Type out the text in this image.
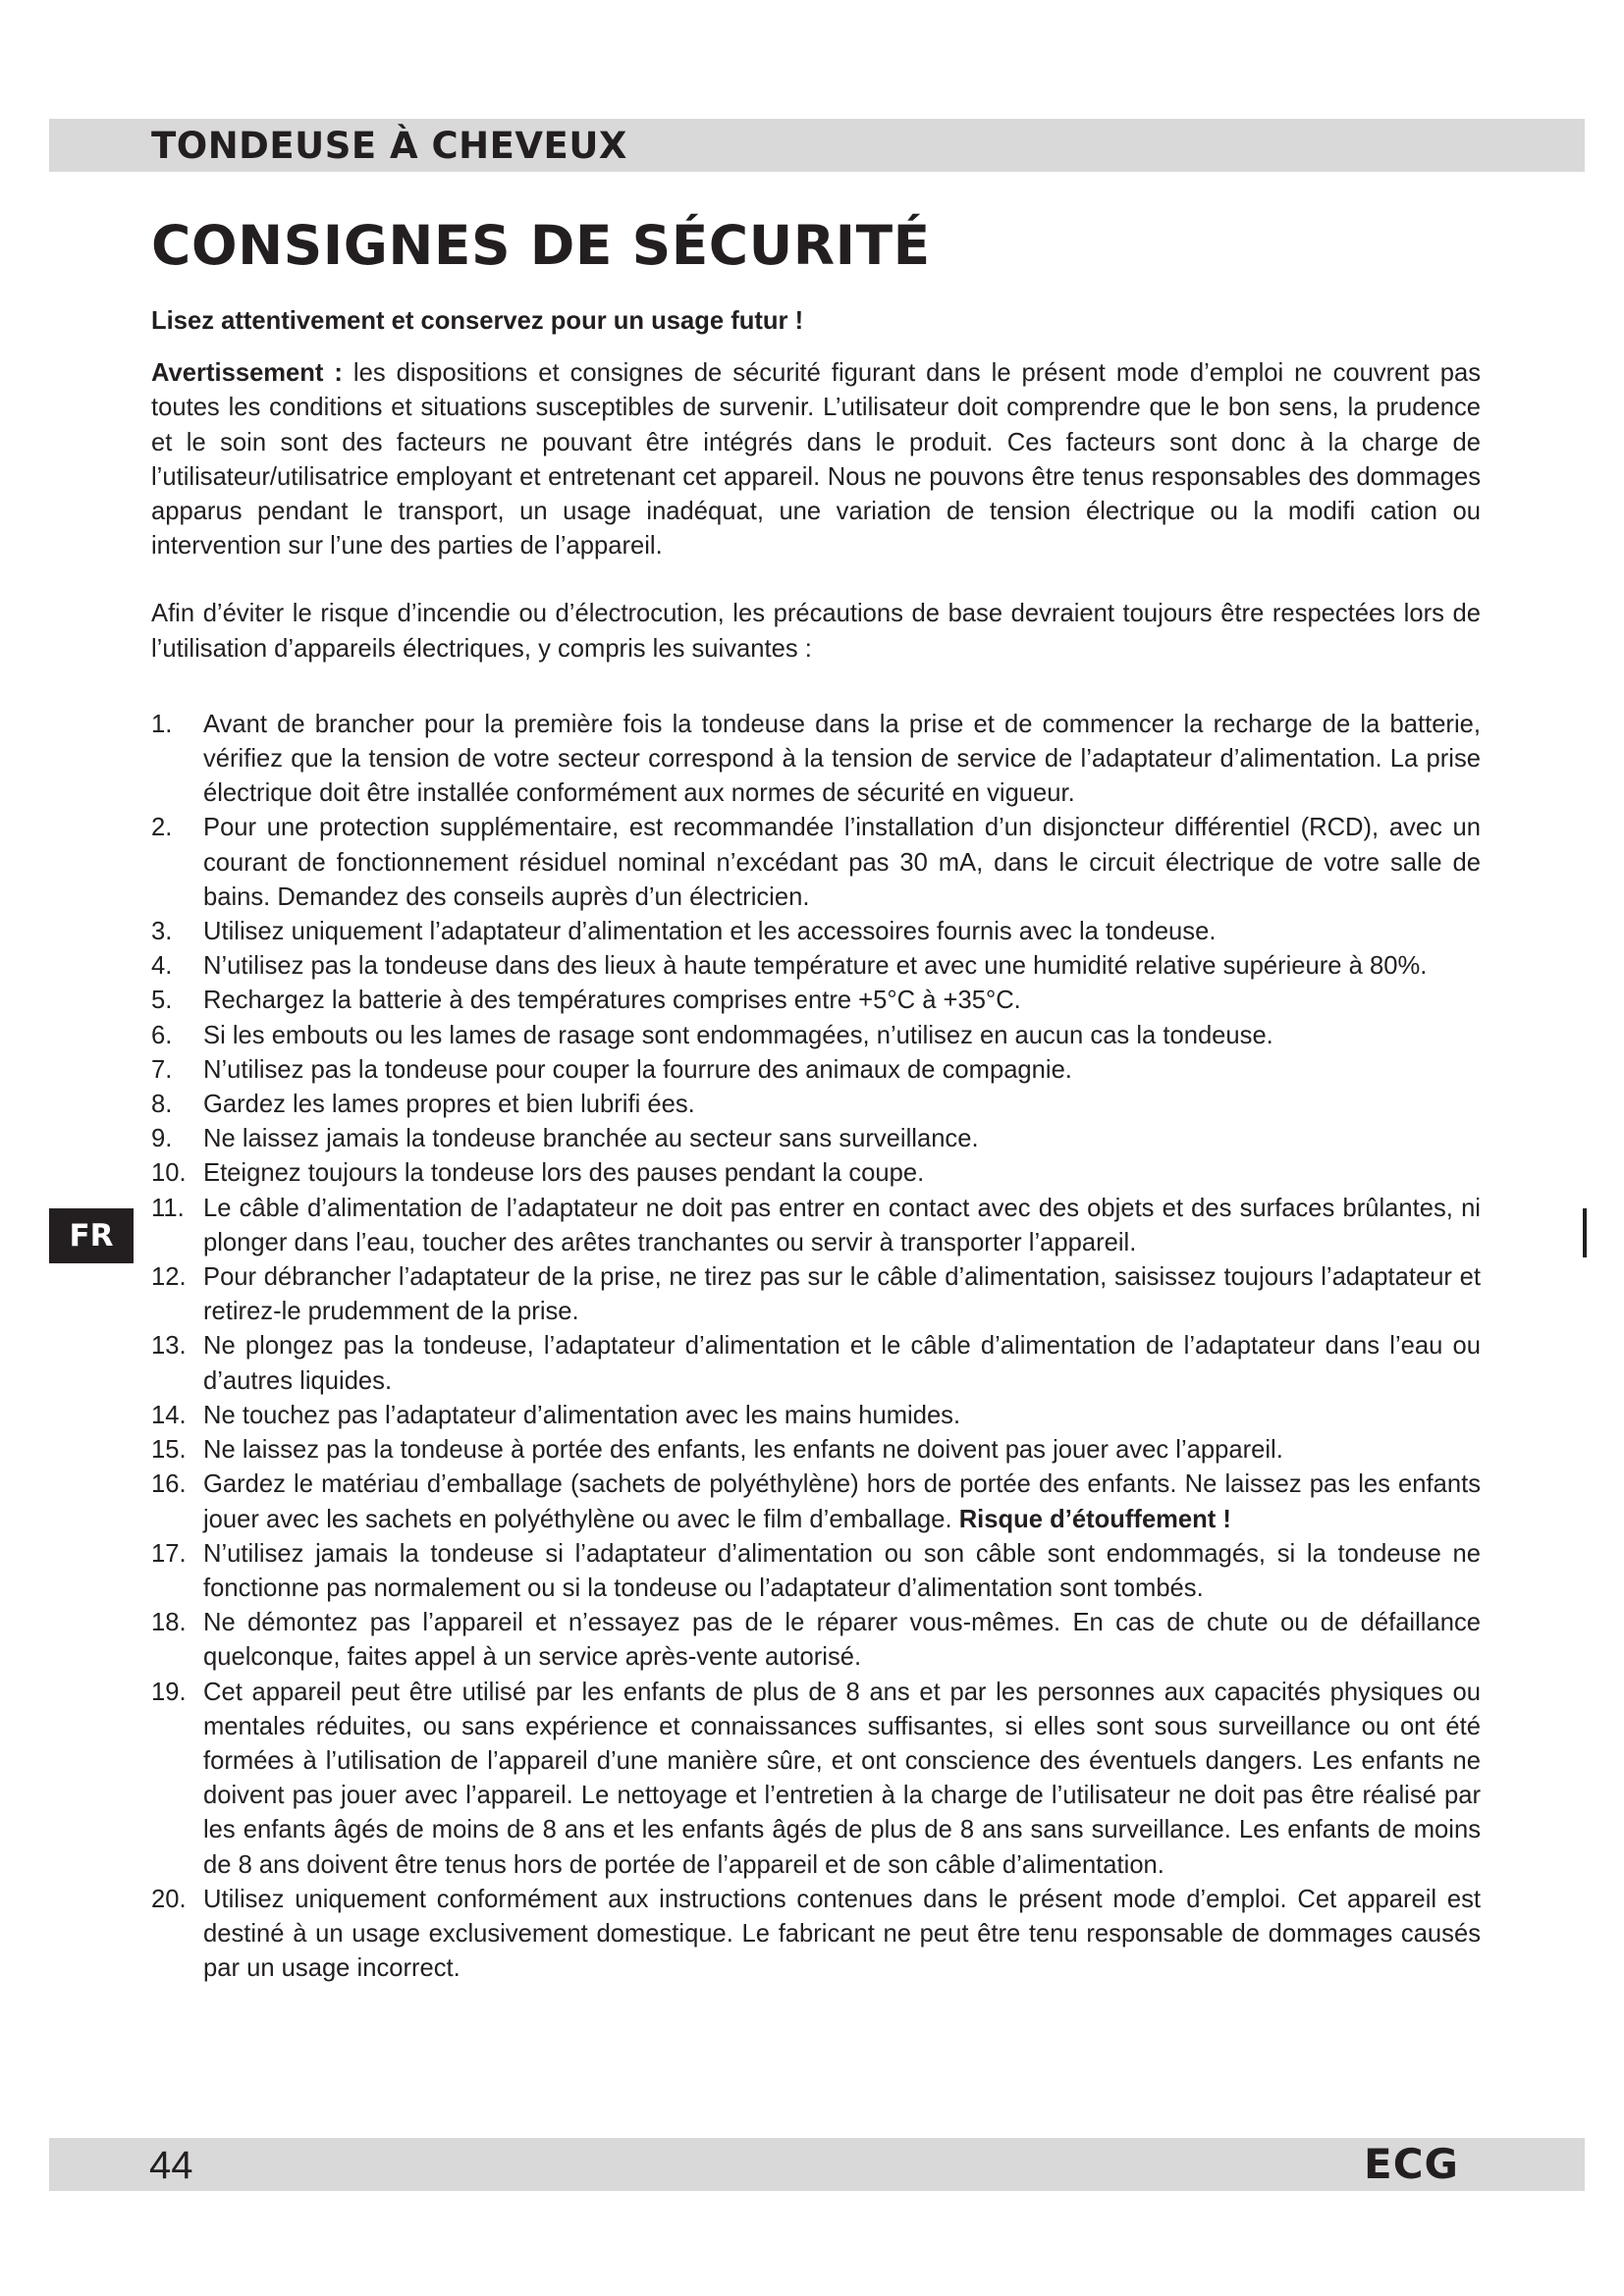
TONDEUSE À CHEVEUX
CONSIGNES DE SÉCURITÉ
Lisez attentivement et conservez pour un usage futur !

Avertissement : les dispositions et consignes de sécurité figurant dans le présent mode d’emploi ne couvrent pas toutes les conditions et situations susceptibles de survenir. L’utilisateur doit comprendre que le bon sens, la prudence et le soin sont des facteurs ne pouvant être intégrés dans le produit. Ces facteurs sont donc à la charge de l’utilisateur/utilisatrice employant et entretenant cet appareil. Nous ne pouvons être tenus responsables des dommages apparus pendant le transport, un usage inadéquat, une variation de tension électrique ou la modifi cation ou intervention sur l’une des parties de l’appareil.

Afin d’éviter le risque d’incendie ou d’électrocution, les précautions de base devraient toujours être respectées lors de l’utilisation d’appareils électriques, y compris les suivantes :

1.	Avant de brancher pour la première fois la tondeuse dans la prise et de commencer la recharge de la batterie, vérifiez que la tension de votre secteur correspond à la tension de service de l’adaptateur d’alimentation. La prise électrique doit être installée conformément aux normes de sécurité en vigueur.
2.	Pour une protection supplémentaire, est recommandée l’installation d’un disjoncteur différentiel (RCD), avec un courant de fonctionnement résiduel nominal n’excédant pas 30 mA, dans le circuit électrique de votre salle de bains. Demandez des conseils auprès d’un électricien.
3.	Utilisez uniquement l’adaptateur d’alimentation et les accessoires fournis avec la tondeuse.
4.	N’utilisez pas la tondeuse dans des lieux à haute température et avec une humidité relative supérieure à 80%.
5.	Rechargez la batterie à des températures comprises entre +5°C à +35°C.
6.	Si les embouts ou les lames de rasage sont endommagées, n’utilisez en aucun cas la tondeuse.
7.	N’utilisez pas la tondeuse pour couper la fourrure des animaux de compagnie.
8.	Gardez les lames propres et bien lubrifi ées.
9.	Ne laissez jamais la tondeuse branchée au secteur sans surveillance.
10. Eteignez toujours la tondeuse lors des pauses pendant la coupe.
11. Le câble d’alimentation de l’adaptateur ne doit pas entrer en contact avec des objets et des surfaces brûlantes, ni plonger dans l’eau, toucher des arêtes tranchantes ou servir à transporter l’appareil.
12. Pour débrancher l’adaptateur de la prise, ne tirez pas sur le câble d’alimentation, saisissez toujours l’adaptateur et retirez-le prudemment de la prise.
13. Ne plongez pas la tondeuse, l’adaptateur d’alimentation et le câble d’alimentation de l’adaptateur dans l’eau ou d’autres liquides.
14. Ne touchez pas l’adaptateur d’alimentation avec les mains humides.
15. Ne laissez pas la tondeuse à portée des enfants, les enfants ne doivent pas jouer avec l’appareil.
16. Gardez le matériau d’emballage (sachets de polyéthylène) hors de portée des enfants. Ne laissez pas les enfants jouer avec les sachets en polyéthylène ou avec le film d’emballage. Risque d’étouffement !
17. N’utilisez jamais la tondeuse si l’adaptateur d’alimentation ou son câble sont endommagés, si la tondeuse ne fonctionne pas normalement ou si la tondeuse ou l’adaptateur d’alimentation sont tombés.
18. Ne démontez pas l’appareil et n’essayez pas de le réparer vous-mêmes. En cas de chute ou de défaillance quelconque, faites appel à un service après-vente autorisé.
19. Cet appareil peut être utilisé par les enfants de plus de 8 ans et par les personnes aux capacités physiques ou mentales réduites, ou sans expérience et connaissances suffisantes, si elles sont sous surveillance ou ont été formées à l’utilisation de l’appareil d’une manière sûre, et ont conscience des éventuels dangers. Les enfants ne doivent pas jouer avec l’appareil. Le nettoyage et l’entretien à la charge de l’utilisateur ne doit pas être réalisé par les enfants âgés de moins de 8 ans et les enfants âgés de plus de 8 ans sans surveillance. Les enfants de moins de 8 ans doivent être tenus hors de portée de l’appareil et de son câble d’alimentation.
20. Utilisez uniquement conformément aux instructions contenues dans le présent mode d’emploi. Cet appareil est destiné à un usage exclusivement domestique. Le fabricant ne peut être tenu responsable de dommages causés par un usage incorrect.
FR
44	ECG
